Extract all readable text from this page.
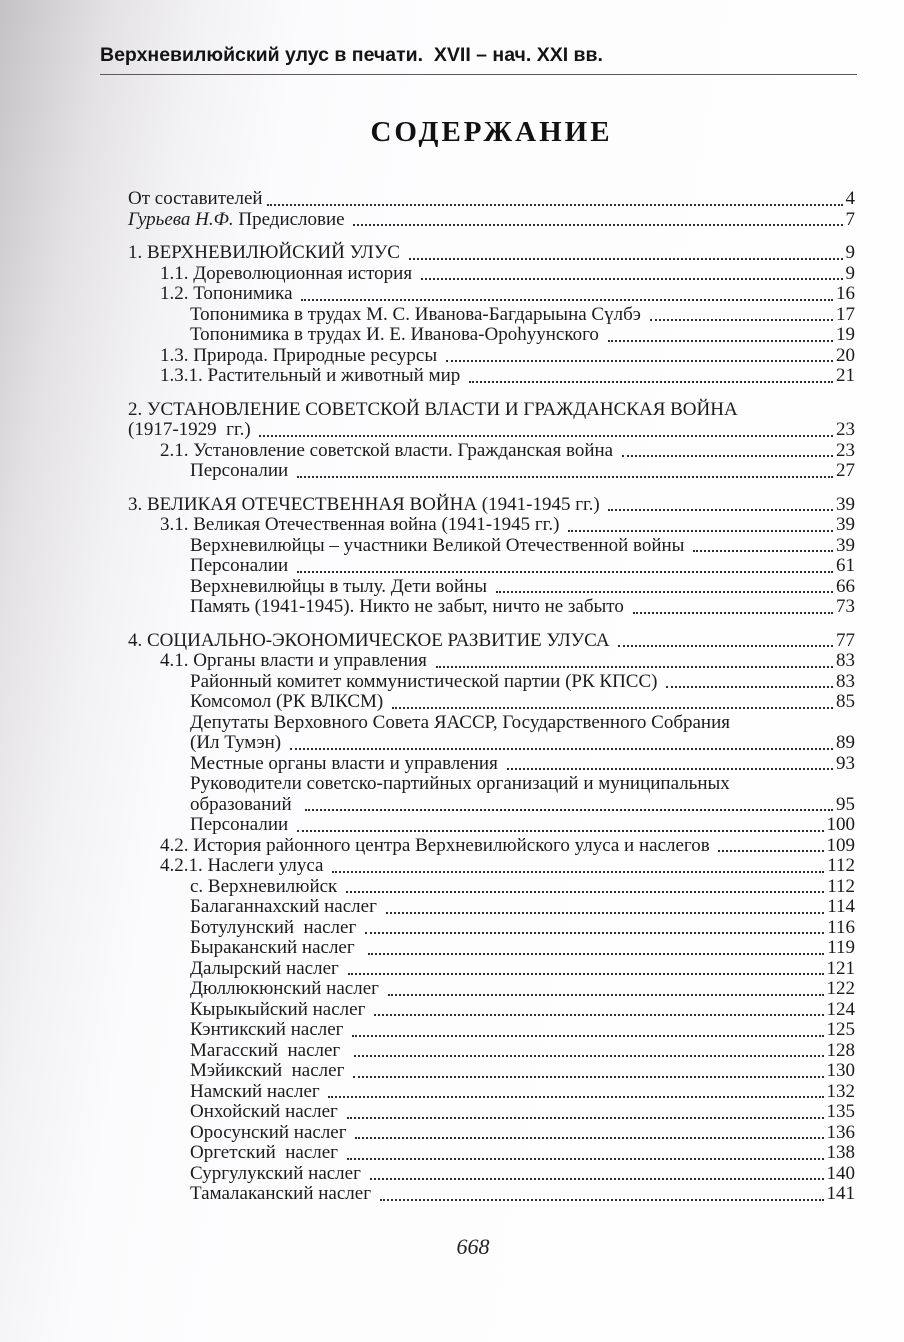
Верхневилюйский улус в печати.  XVII – нач. XXI вв.
СОДЕРЖАНИЕ
От составителей	4
Гурьева Н.Ф. Предисловие	7
1. ВЕРХНЕВИЛЮЙСКИЙ УЛУС	9
1.1. Дореволюционная история	9
1.2. Топонимика	16
Топонимика в трудах М. С. Иванова-Багдарыына Сүлбэ	17
Топонимика в трудах И. Е. Иванова-Ороһуунского	19
1.3. Природа. Природные ресурсы	20
1.3.1. Растительный и животный мир	21
2. УСТАНОВЛЕНИЕ СОВЕТСКОЙ ВЛАСТИ И ГРАЖДАНСКАЯ ВОЙНА
(1917-1929  гг.)	23
2.1. Установление советской власти. Гражданская война	23
Персоналии	27
3. ВЕЛИКАЯ ОТЕЧЕСТВЕННАЯ ВОЙНА (1941-1945 гг.)	39
3.1. Великая Отечественная война (1941-1945 гг.)	39
Верхневилюйцы – участники Великой Отечественной войны	39
Персоналии	61
Верхневилюйцы в тылу. Дети войны	66
Память (1941-1945). Никто не забыт, ничто не забыто	73
4. СОЦИАЛЬНО-ЭКОНОМИЧЕСКОЕ РАЗВИТИЕ УЛУСА	77
4.1. Органы власти и управления	83
Районный комитет коммунистической партии (РК КПСС)	83
Комсомол (РК ВЛКСМ)	85
Депутаты Верховного Совета ЯАССР, Государственного Собрания
(Ил Тумэн)	89
Местные органы власти и управления	93
Руководители советско-партийных организаций и муниципальных
образований	95
Персоналии	100
4.2. История районного центра Верхневилюйского улуса и наслегов	109
4.2.1. Наслеги улуса	112
с. Верхневилюйск	112
Балаганнахский наслег	114
Ботулунский  наслег	116
Быраканский наслег	119
Далырский наслег	121
Дюллюкюнский наслег	122
Кырыкыйский наслег	124
Кэнтикский наслег	125
Магасский  наслег	128
Мэйикский  наслег	130
Намский наслег	132
Онхойский наслег	135
Оросунский наслег	136
Оргетский  наслег	138
Сургулукский наслег	140
Тамалаканский наслег	141
668
